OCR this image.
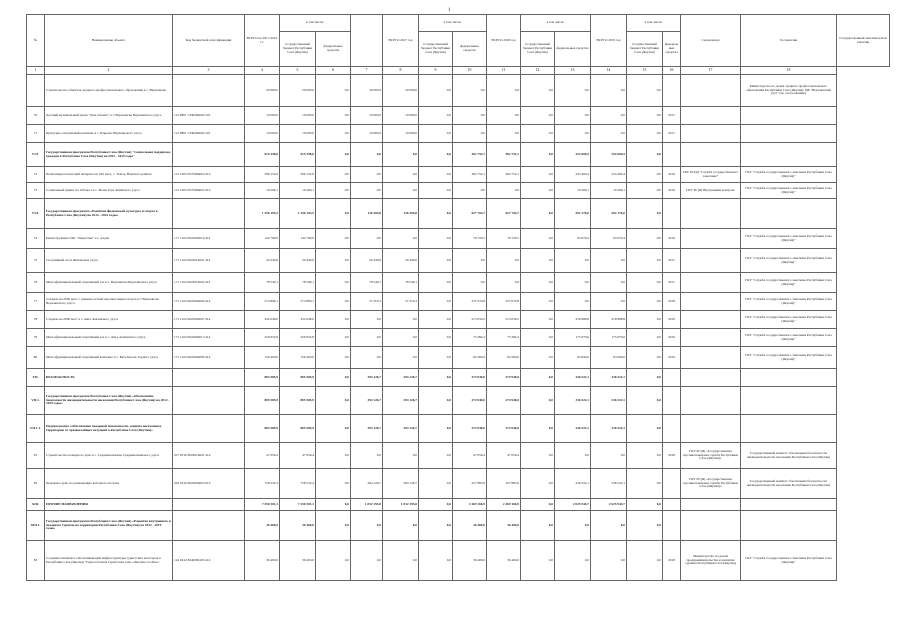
1
№	Наименование объекта	Код бюджетной классификации	ВСЕГО на 2017-2019 гг.	в том числе:			ВСЕГО 2017 год	в том числе:		ВСЕГО 2018 год	в том числе:		ВСЕГО 2019 год	в том числе:		Сроки ввода	Госзаказчик	Государственный заказчик и/или заказчик
				государственный бюджет Республики Саха (Якутия)	федеральные средства			государственный бюджет Республики Саха (Якутия)	федеральные средства		государственный бюджет Республики Саха (Якутия)	федеральные средства		государственный бюджет Республики Саха (Якутия)	федеральные средства			
1	2	3	4	5	6	7	8	9	10	11	12	13	14	15	16	17	18	
	Строительство объектов среднего профессионального образования в с. Верхоянске		20 000,0	20 000,0	0,0	20 000,0	20 000,0	0,0	0,0	0,0	0,0	0,0	0,0	0,0			Министерство по делам среднего профессионального образования Республики Саха (Якутия), МР "Верхоянский улус" (по согласованию)	
70	Детский музыкальный центр "Дом Олонхо" в г. Верхоянске Верхоянского улуса	112 0801 7430284004 522	10 000,0	10 000,0	0,0	10 000,0	10 000,0	0,0	0,0	0,0	0,0	0,0	0,0	0,0	2017			
71	Культурно-спортивный комплекс в с. Барылас Верхоянского улуса	112 0801 7430284004 522	10 000,0	10 000,0	0,0	10 000,0	10 000,0	0,0	0,0	0,0	0,0	0,0	0,0	0,0	2017			
VI.5.	Государственная программа Республики Саха (Якутия) "Социальная поддержка граждан в Республике Саха (Якутия) на 2012 - 2019 годы"		615 358,6	615 358,6	0,0	0,0	0,0	0,0	362 752,1	362 752,1	0,0	252 606,5	252 606,5	0,0				
72	Психоневрологический интернат на 100 мест, с. Тохтор Намского района	121 1002 0570484004 414	596 152,6	596 152,6	0,0	0,0	0,0	0,0	362 752,1	362 752,1	0,0	233 400,4	233 400,4	0,0	2019	ГКУ РС(Я) "Служба государственного заказчика"	ГКУ "Служба государственного заказчика Республики Саха (Якутия)"	
73	Социальный приют на 100 мест в с. Белая Гора Абыйского улуса	121 1002 0570484002 414	19 206,1	19 206,1	0,0	0,0	0,0	0,0	0,0	0,0	0,0	19 206,1	19 206,1	0,0	2019	ГКУ РС(Я) Внутренний контроль	ГКУ "Служба государственного заказчика Республики Саха (Якутия)"	
VI.6.	Государственная программа «Развитие физической культуры и спорта в Республике Саха (Якутия) на 2014 - 2022 годы»		1 356 193,5	1 356 193,5	0,0	136 304,8	136 304,8	0,0	627 704,7	627 704,7	0,0	592 176,0	592 176,0	0,0				
74	Реконструкция СОК "Энергетик" в г. Алдан	171 1102 9022004016 414	142 799,9	142 799,9	0,0	0,0	0,0	0,0	79 720,5	79 720,5	0,0	63 079,4	63 079,4	0,0	2019		ГКУ "Служба государственного заказчика Республики Саха (Якутия)"	
75	Спортивный зал в Жиганском улусе	171 1102 9022014001 414	20 440,6	20 440,6	0,0	20 440,6	20 440,6	0,0	0,0	0,0	0,0	0,0	0,0	0,0	2017		ГКУ "Служба государственного заказчика Республики Саха (Якутия)"	
76	Многофункциональный спортивный зал в с. Верхоянске Верхоянского улуса	171 1102 9022014002 414	78 549,1	78 549,1	0,0	78 549,1	78 549,1	0,0	0,0	0,0	0,0	0,0	0,0	0,0	2017		ГКУ "Служба государственного заказчика Республики Саха (Якутия)"	
77	Стадион на 2000 мест с зданием летних игровых видов спорта в г. Верхоянске Верхоянского улуса	171 1102 9022004004 414	274 890,1	274 890,1	0,0	37 319,3	37 319,3	0,0	237 070,8	237 070,8	0,0	0,0	0,0	0,0	2018		ГКУ "Служба государственного заказчика Республики Саха (Якутия)"	
78	Стадион на 2000 мест в г. Амге Амгинского улуса	171 1102 9022004007 414	432 048,0	432 048,0	0,0	0,0	0,0	0,0	213 059,2	213 059,2	0,0	218 988,8	218 988,8	0,0	2019		ГКУ "Служба государственного заказчика Республики Саха (Якутия)"	
79	Многофункциональный спортивный зал в с. Амга Амгинского улуса	171 1102 9022004015 414	250 954,8	250 954,8	0,0	0,0	0,0	0,0	75 284,2	75 284,2	0,0	175 670,6	175 670,6	0,0	2019		ГКУ "Служба государственного заказчика Республики Саха (Якутия)"	
80	Многофункциональный спортивный комплекс в с. Бясь-Кюель Горного улуса	171 1102 9022004009 414	156 400,0	156 400,0	0,0	0,0	0,0	0,0	62 560,0	62 560,0	0,0	93 840,0	93 840,0	0,0	2019		ГКУ "Служба государственного заказчика Республики Саха (Якутия)"	
VII.	БЕЗОПАСНОСТЬ		805 585,9	805 585,9	0,0	294 126,7	294 126,7	0,0	274 940,0	274 940,0	0,0	236 522,1	236 522,1	0,0				
VII.1.	Государственная программа Республики Саха (Якутия) «Обеспечение безопасности жизнедеятельности населения Республики Саха (Якутия) на 2012 - 2019 годы»		805 585,9	805 585,9	0,0	294 126,7	294 126,7	0,0	274 940,0	274 940,0	0,0	236 522,1	236 522,1	0,0				
VII.1.1.	Подпрограмма «Обеспечение пожарной безопасности, защиты населения и территории от чрезвычайных ситуаций в Республике Саха (Якутия)»		805 585,9	805 585,9	0,0	294 126,7	294 126,7	0,0	274 940,0	274 940,0	0,0	236 522,1	236 522,1	0,0				
81	Строительство пожарного депо в с. Среднеколымске Среднеколымского улуса	917 0310 9022014001 414	47 056,4	47 056,4	0,0	0,0	0,0	0,0	47 056,4	47 056,4	0,0	0,0	0,0	0,0	2018	ГКУ РС(Я) «Государственная противопожарная служба Республики Саха (Якутия)»	Государственный комитет обеспечения безопасности жизнедеятельности населения Республики Саха (Якутия)	
82	Пожарное депо по размещению вахтового поселка	916 0310 9022004003 612	758 532,4	758 532,4	0,0	294 126,7	294 126,7	0,0	227 883,6	227 883,6	0,0	236 522,1	236 522,1	0,0		ГКУ РС(Я) «Государственная противопожарная служба Республики Саха (Якутия)»	Государственный комитет обеспечения безопасности жизнедеятельности населения Республики Саха (Якутия)	
XIII.	ПРОЧИЕ НАПРАВЛЕНИЯ		7 250 301,1	7 250 301,1	0,0	1 832 193,8	1 832 193,8	0,0	2 469 166,9	2 469 166,9	0,0	2 025 944,7	2 025 944,7	0,0				
XIII.1.	Государственная программа Республики Саха (Якутия) «Развитие внутреннего и въездного туризма на территории Республики Саха (Якутия) на 2012 - 2019 годы»		36 400,0	36 400,0	0,0	0,0	0,0	0,0	36 400,0	36 400,0	0,0	0,0	0,0	0,0				
83	Создание комплекса обеспечивающей инфраструктуры туристских кластеров в Республике Саха (Якутия) "Горностахская туристская зона «Ленские столбы»"	124 0412 8440284103 414	36 400,0	36 400,0	0,0	0,0	0,0	0,0	36 400,0	36 400,0	0,0	0,0	0,0	0,0	2018	Министерство по делам предпринимательства и развития туризма Республики Саха (Якутия)	ГКУ "Служба государственного заказчика Республики Саха (Якутия)"	
